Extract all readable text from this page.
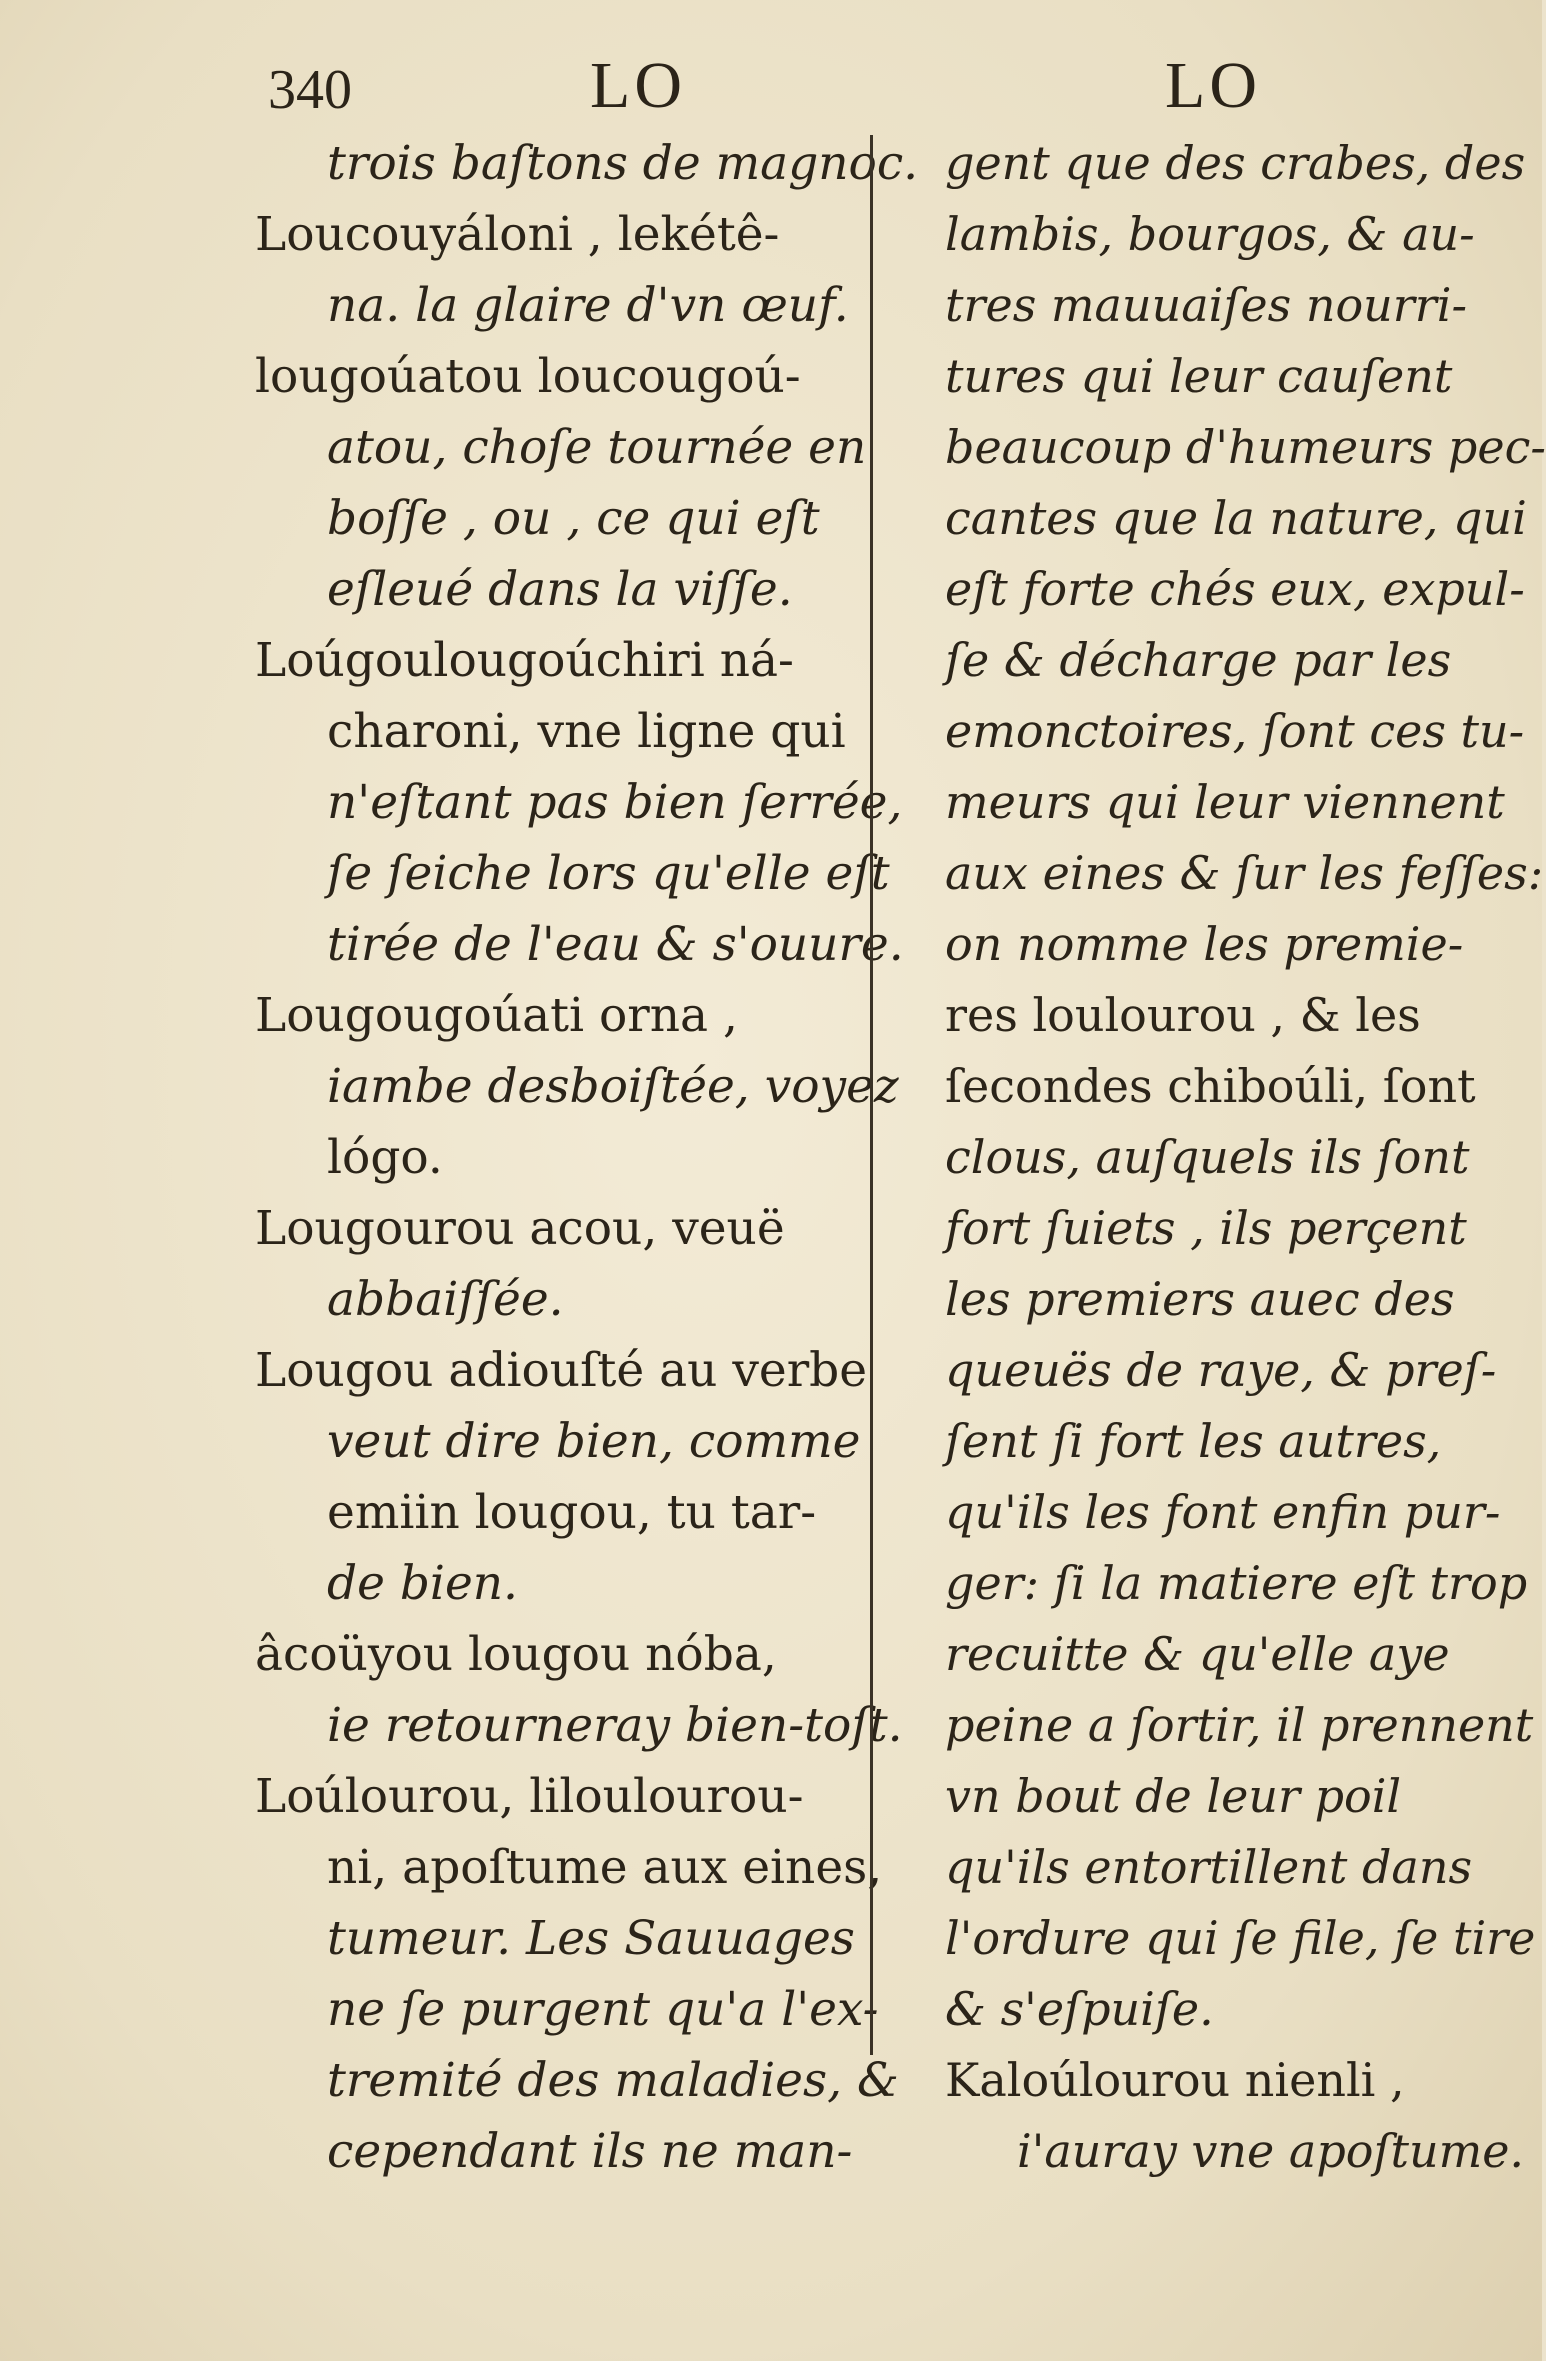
340	LO	LO
trois baſtons de magnoc.
Loucouyáloni , lekétê-
na. la glaire d'vn œuf.
lougoúatou loucougoú-
atou, choſe tournée en
boſſe , ou , ce qui eſt
eſleué dans la viſſe.
Loúgoulougoúchiri ná-
charoni, vne ligne qui
n'eſtant pas bien ſerrée,
ſe ſeiche lors qu'elle eſt
tirée de l'eau & s'ouure.
Lougougoúati orna ,
iambe desboiſtée, voyez
lógo.
Lougourou acou, veuë
abbaiſſée.
Lougou adiouſté au verbe
veut dire bien, comme
emiin lougou, tu tar-
de bien.
âcoüyou lougou nóba,
ie retourneray bien-toſt.
Loúlourou, liloulourou-
ni, apoſtume aux eines,
tumeur. Les Sauuages
ne ſe purgent qu'a l'ex-
tremité des maladies, &
cependant ils ne man-
gent que des crabes, des
lambis, bourgos, & au-
tres mauuaiſes nourri-
tures qui leur cauſent
beaucoup d'humeurs pec-
cantes que la nature, qui
eſt forte chés eux, expul-
ſe & décharge par les
emonctoires, ſont ces tu-
meurs qui leur viennent
aux eines & ſur les feſſes:
on nomme les premie-
res loulourou , & les
ſecondes chiboúli, ſont
clous, auſquels ils ſont
fort ſuiets , ils perçent
les premiers auec des
queuës de raye, & preſ-
ſent ſi fort les autres,
qu'ils les font enfin pur-
ger: ſi la matiere eſt trop
recuitte & qu'elle aye
peine a ſortir, il prennent
vn bout de leur poil
qu'ils entortillent dans
l'ordure qui ſe file, ſe tire
& s'eſpuiſe.
Kaloúlourou nienli ,
i'auray vne apoſtume.
